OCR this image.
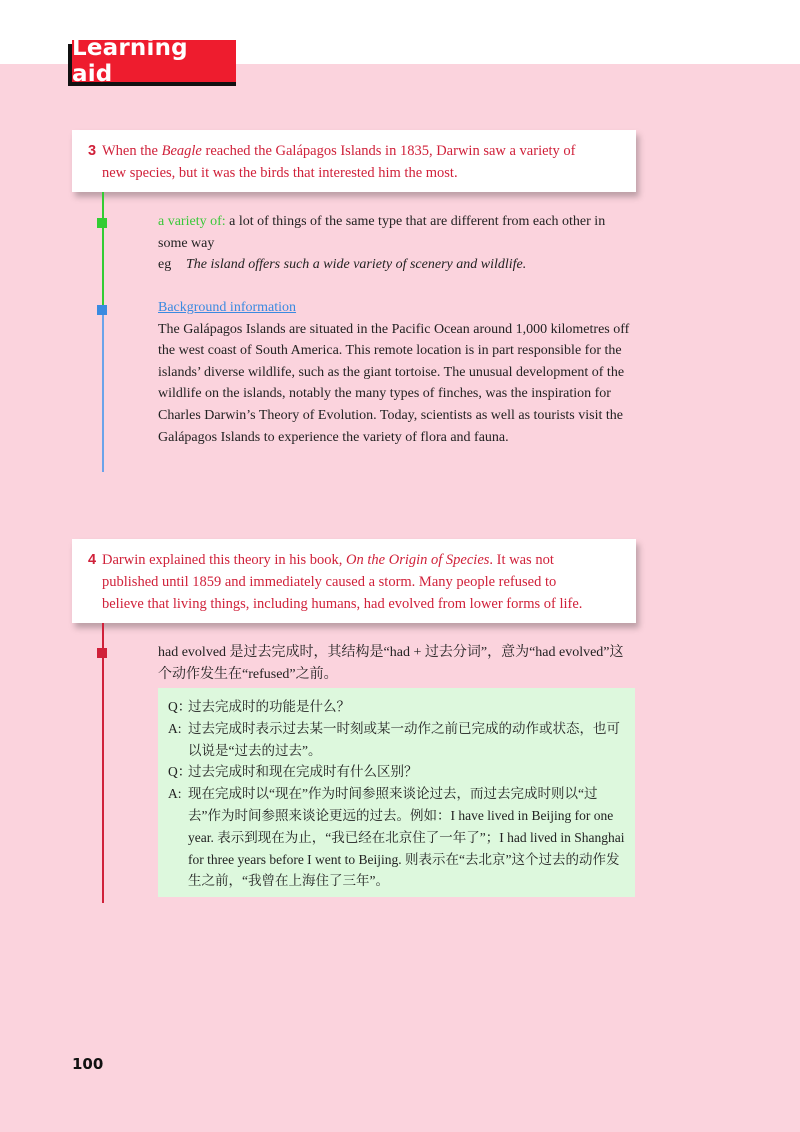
Learning aid
3 When the Beagle reached the Galápagos Islands in 1835, Darwin saw a variety of
new species, but it was the birds that interested him the most.
a variety of: a lot of things of the same type that are different from each other in some way
eg The island offers such a wide variety of scenery and wildlife.
Background information
The Galápagos Islands are situated in the Pacific Ocean around 1,000 kilometres off the west coast of South America. This remote location is in part responsible for the islands’ diverse wildlife, such as the giant tortoise. The unusual development of the wildlife on the islands, notably the many types of finches, was the inspiration for Charles Darwin’s Theory of Evolution. Today, scientists as well as tourists visit the Galápagos Islands to experience the variety of flora and fauna.
4 Darwin explained this theory in his book, On the Origin of Species. It was not
published until 1859 and immediately caused a storm. Many people refused to
believe that living things, including humans, had evolved from lower forms of life.
had evolved 是过去完成时，其结构是“had + 过去分词”，意为“had evolved”这个动作发生在“refused”之前。
Q：
过去完成时的功能是什么？
A: 过去完成时表示过去某一时刻或某一动作之前已完成的动作或状态，也可以说是“过去的过去”。
Q：
过去完成时和现在完成时有什么区别？
A: 现在完成时以“现在”作为时间参照来谈论过去，而过去完成时则以“过去”作为时间参照来谈论更远的过去。例如：I have lived in Beijing for one year. 表示到现在为止，“我已经在北京住了一年了”；I had lived in Shanghai for three years before I went to Beijing. 则表示在“去北京”这个过去的动作发生之前，“我曾在上海住了三年”。
100
